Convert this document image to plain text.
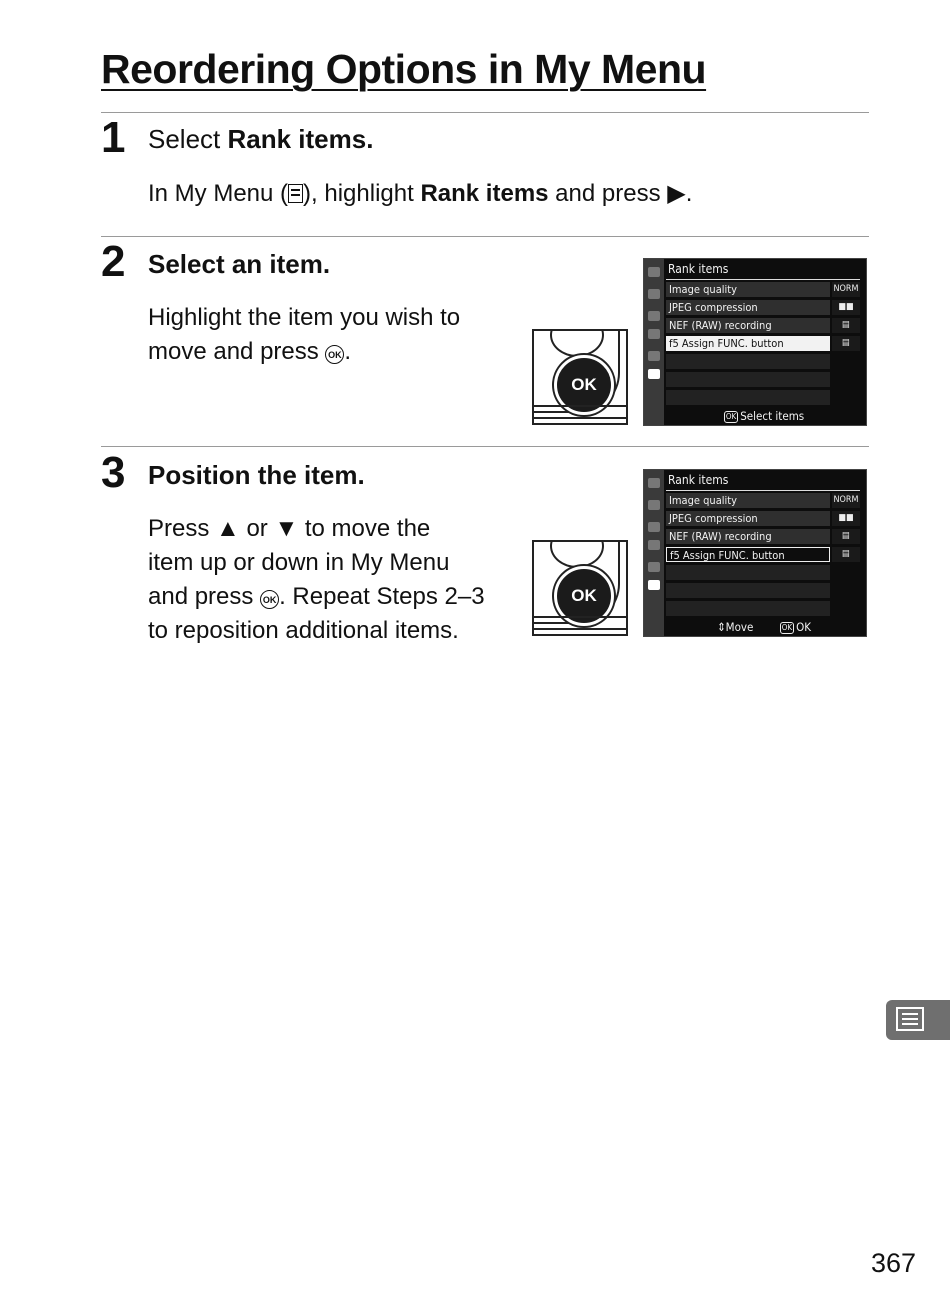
Reordering Options in My Menu
1 Select Rank items.

In My Menu ( ), highlight Rank items and press ▶.

2 Select an item.

Highlight the item you wish to
move and press OK .

OK
Rank items
Image quality	NORM
JPEG compression	■■
NEF (RAW) recording	▤
f5 Assign FUNC. button	▤
OK Select items
3 Position the item.

Press ▲ or ▼ to move the
item up or down in My Menu
and press OK . Repeat Steps 2–3
to reposition additional items.

OK
Rank items
Image quality	NORM
JPEG compression	■■
NEF (RAW) recording	▤
f5 Assign FUNC. button	▤
⇕Move	OK OK
367
